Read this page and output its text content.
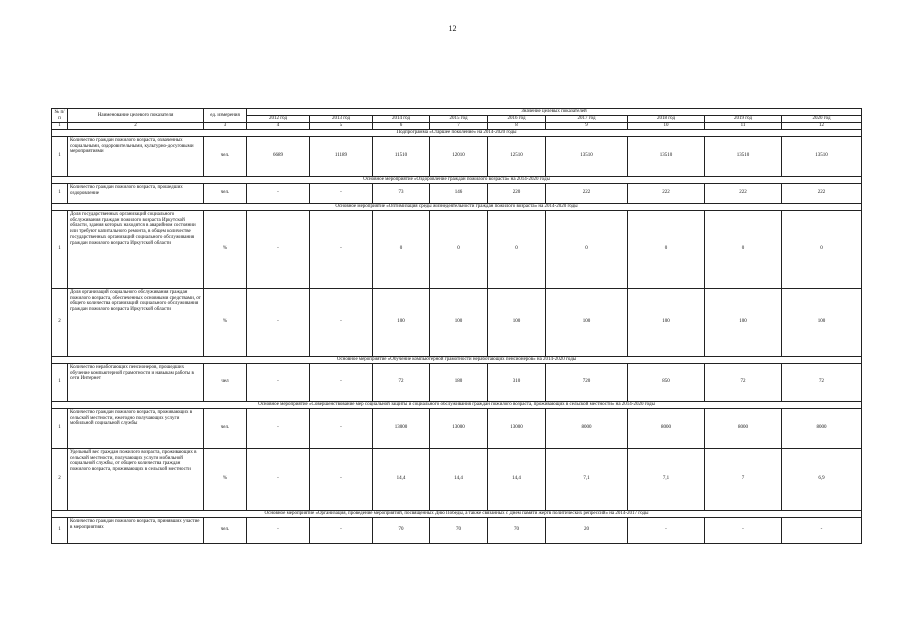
12
№ п/п	Наименование целевого показателя	ед. измерения	Значение целевых показателей								
			2012 год	2013 год	2014 год	2015 год	2016 год	2017 год	2018 год	2019 год	2020 год
1	2	3	4	5	6	7	8	9	10	11	12
Подпрограмма «Старшее поколение» на 2014-2020 годы											
1	Количество граждан пожилого возраста, охваченных социальными, оздоровительными, культурно-досуговыми мероприятиями	чел.	6689	11189	11510	12010	12510	13510	13510	13510	13510
Основное мероприятие «Оздоровление граждан пожилого возраста» на 2014-2020 годы											
1	Количество граждан пожилого возраста, прошедших оздоровление	чел.	-	-	73	146	220	222	222	222	222
Основное мероприятие «Оптимизация среды жизнедеятельности граждан пожилого возраста» на 2014-2020 годы											
1	Доля государственных организаций социального обслуживания граждан пожилого возраста Иркутской области, здания которых находятся в аварийном состоянии или требуют капитального ремонта, в общем количестве государственных организаций социального обслуживания граждан пожилого возраста Иркутской области	%	-	-	0	0	0	0	0	0	0
2	Доля организаций социального обслуживания граждан пожилого возраста, обеспеченных основными средствами, от общего количества организаций социального обслуживания граждан пожилого возраста Иркутской области	%	-	-	100	100	100	100	100	100	100
Основное мероприятие «Обучение компьютерной грамотности неработающих пенсионеров» на 2014-2020 годы											
1	Количество неработающих пенсионеров, прошедших обучение компьютерной грамотности и навыкам работы в сети Интернет	чел	-	-	72	180	310	720	850	72	72
Основное мероприятие «Совершенствование мер социальной защиты и социального обслуживания граждан пожилого возраста, проживающих в сельской местности» на 2014-2020 годы											
1	Количество граждан пожилого возраста, проживающих в сельской местности, ежегодно получающих услуги мобильной социальной службы	чел.	-	-	13000	13000	13000	8000	8000	8000	8000
2	Удельный вес граждан пожилого возраста, проживающих в сельской местности, получающих услуги мобильной социальной службы, от общего количества граждан пожилого возраста, проживающих в сельской местности	%	-	-	14,4	14,4	14,4	7,1	7,1	7	6,9
Основное мероприятие «Организация, проведение мероприятий, посвященных Дню Победы, а также связанных с Днем памяти жертв политических репрессий» на 2014-2017 годы											
1	Количество граждан пожилого возраста, принявших участие в мероприятиях	чел.	-	-	70	70	70	20	-	-	-
